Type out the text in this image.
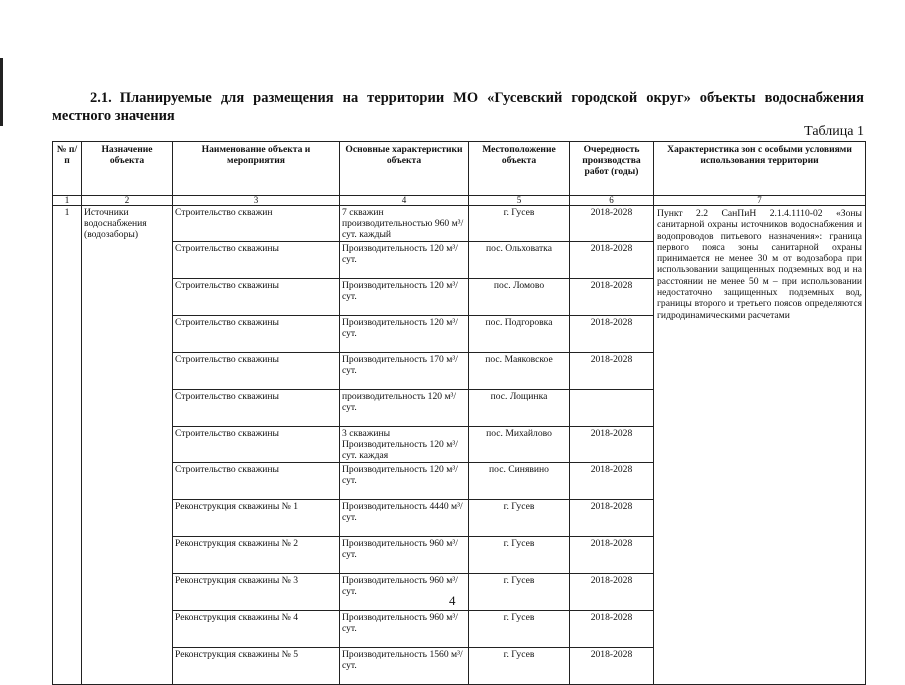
2.1. Планируемые для размещения на территории МО «Гусевский городской округ» объекты водоснабжения местного значения
Таблица 1
№ п/п	Назначение объекта	Наименование объекта и мероприятия	Основные характеристики объекта	Местоположение объекта	Очередность производства работ (годы)	Характеристика зон с особыми условиями использования территории
1	2	3	4	5	6	7
1	Источники водоснабжения (водозаборы)	Строительство скважин	7 скважин производительностью 960 м³/сут. каждый	г. Гусев	2018-2028	Пункт 2.2 СанПиН 2.1.4.1110-02 «Зоны санитарной охраны источников водоснабжения и водопроводов питьевого назначения»: граница первого пояса зоны санитарной охраны принимается не менее 30 м от водозабора при использовании защищенных подземных вод и на расстоянии не менее 50 м – при использовании недостаточно защищенных подземных вод, границы второго и третьего поясов определяются гидродинамическими расчетами
		Строительство скважины	Производительность 120 м³/сут.	пос. Ольховатка	2018-2028	
		Строительство скважины	Производительность 120 м³/сут.	пос. Ломово	2018-2028	
		Строительство скважины	Производительность 120 м³/сут.	пос. Подгоровка	2018-2028	
		Строительство скважины	Производительность 170 м³/сут.	пос. Маяковское	2018-2028	
		Строительство скважины	производительность 120 м³/сут.	пос. Лощинка		
		Строительство скважины	3 скважины Производительность 120 м³/сут. каждая	пос. Михайлово	2018-2028	
		Строительство скважины	Производительность 120 м³/сут.	пос. Синявино	2018-2028	
		Реконструкция скважины № 1	Производительность 4440 м³/сут.	г. Гусев	2018-2028	
		Реконструкция скважины № 2	Производительность 960 м³/сут.	г. Гусев	2018-2028	
		Реконструкция скважины № 3	Производительность 960 м³/сут.	г. Гусев	2018-2028	
		Реконструкция скважины № 4	Производительность 960 м³/сут.	г. Гусев	2018-2028	
		Реконструкция скважины № 5	Производительность 1560 м³/сут.	г. Гусев	2018-2028	
4
